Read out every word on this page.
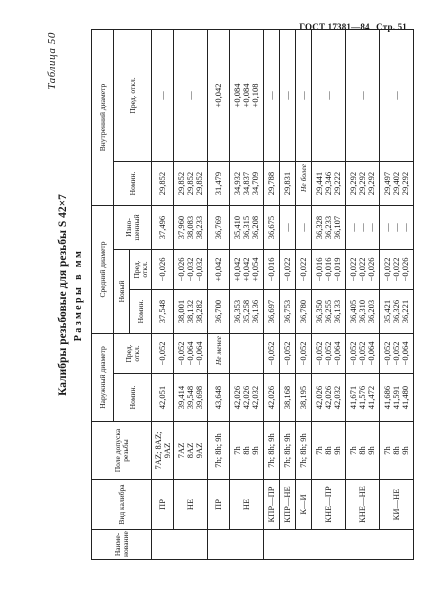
ГОСТ 17381—84 Стр. 51
Таблица 50
Калибры резьбовые для резьбы S 42×7 Размеры в мм
Наиме-нование	Вид калибра	Поле допуска резьбы	Наружный диаметр		Средний диаметр			Внутренний диаметр	
			Номин.	Пред. откл.	Новый		Изно-шенный	Номин.	Пред. откл.
					Номин.	Пред. откл.			
	ПР	7AZ; 8AZ; 9AZ	42,051	−0,052	37,548	−0,026	37,496	29,852	—
	НЕ	7AZ
8AZ
9AZ	39,414
39,548
39,698	−0,052
−0,064
−0,064	38,001
38,132
38,282	−0,026
−0,032
−0,032	37,960
38,083
38,233	29,852
29,852
29,852	—
	ПР	7h; 8h; 9h	43,648	Не менее	36,700	+0,042	36,769	31,479	+0,042
	НЕ	7h
8h
9h	42,026
42,026
42,032		36,353
35,258
36,136	+0,042
+0,042
+0,054	35,410
36,315
36,208	34,932
34,837
34,709	+0,084
+0,084
+0,108
	КПР—ПР	7h; 8h; 9h	42,026	−0,052	36,697	−0,016	36,675	29,788	—
	КПР—НЕ	7h; 8h; 9h	38,168	−0,052	36,753	−0,022	—	29,831	—
	К—И	7h; 8h; 9h	38,195	−0,052	36,780	−0,022	—	Не более	—
	КНЕ—ПР	7h
8h
9h	42,026
42,026
42,032	−0,052
−0,052
−0,064	36,350
36,255
36,133	−0,016
−0,016
−0,019	36,328
36,233
36,107	29,441
29,346
29,222	—
	КНЕ—НЕ	7h
8h
9h	41,671
41,576
41,472	−0,052
−0,052
−0,064	36,405
36,310
36,203	−0,022
−0,022
−0,026	—
—
—	29,292
29,292
29,292	—
	КИ—НЕ	7h
8h
9h	41,686
41,591
41,480	−0,052
−0,052
−0,064	35,421
36,326
36,221	−0,022
−0,022
−0,026	—
—
—	29,497
29,402
29,292	—
